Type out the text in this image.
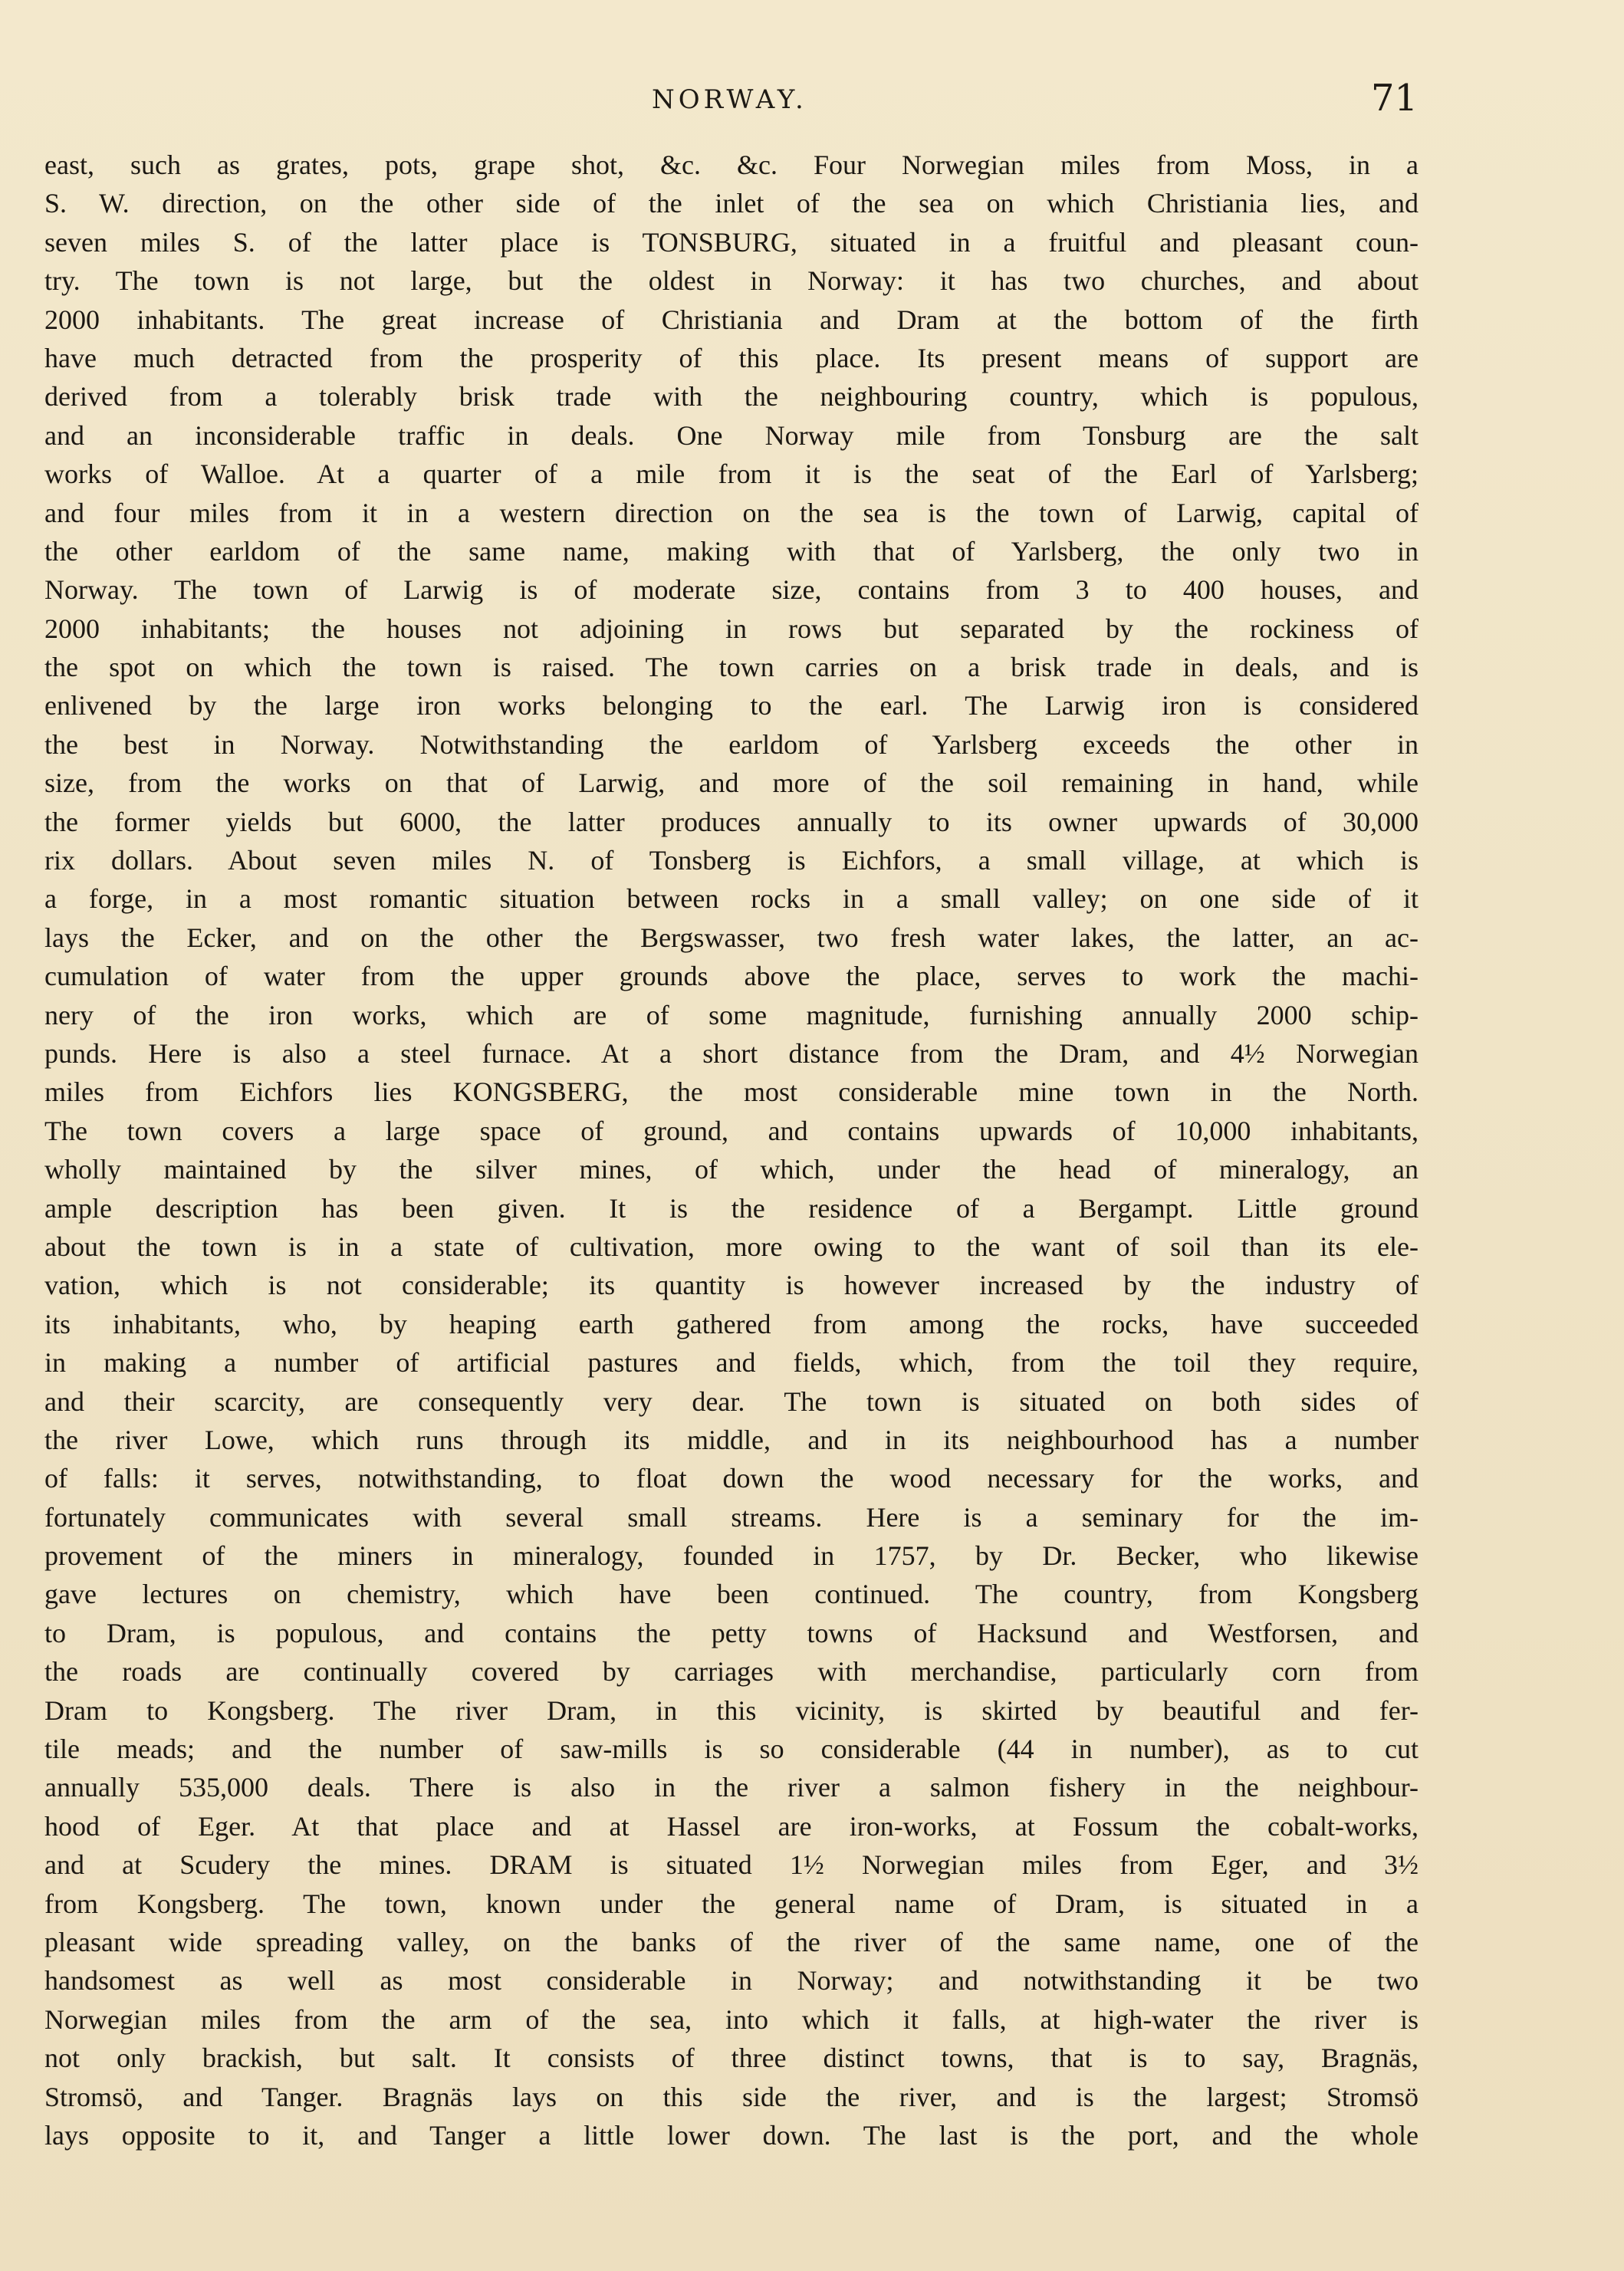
NORWAY.	71
east, such as grates, pots, grape shot, &c. &c. Four Norwegian miles from Moss, in a
S. W. direction, on the other side of the inlet of the sea on which Christiania lies, and
seven miles S. of the latter place is TONSBURG, situated in a fruitful and pleasant coun-
try. The town is not large, but the oldest in Norway: it has two churches, and about
2000 inhabitants. The great increase of Christiania and Dram at the bottom of the firth
have much detracted from the prosperity of this place. Its present means of support are
derived from a tolerably brisk trade with the neighbouring country, which is populous,
and an inconsiderable traffic in deals. One Norway mile from Tonsburg are the salt
works of Walloe. At a quarter of a mile from it is the seat of the Earl of Yarlsberg;
and four miles from it in a western direction on the sea is the town of Larwig, capital of
the other earldom of the same name, making with that of Yarlsberg, the only two in
Norway. The town of Larwig is of moderate size, contains from 3 to 400 houses, and
2000 inhabitants; the houses not adjoining in rows but separated by the rockiness of
the spot on which the town is raised. The town carries on a brisk trade in deals, and is
enlivened by the large iron works belonging to the earl. The Larwig iron is considered
the best in Norway. Notwithstanding the earldom of Yarlsberg exceeds the other in
size, from the works on that of Larwig, and more of the soil remaining in hand, while
the former yields but 6000, the latter produces annually to its owner upwards of 30,000
rix dollars. About seven miles N. of Tonsberg is Eichfors, a small village, at which is
a forge, in a most romantic situation between rocks in a small valley; on one side of it
lays the Ecker, and on the other the Bergswasser, two fresh water lakes, the latter, an ac-
cumulation of water from the upper grounds above the place, serves to work the machi-
nery of the iron works, which are of some magnitude, furnishing annually 2000 schip-
punds. Here is also a steel furnace. At a short distance from the Dram, and 4½ Norwegian
miles from Eichfors lies KONGSBERG, the most considerable mine town in the North.
The town covers a large space of ground, and contains upwards of 10,000 inhabitants,
wholly maintained by the silver mines, of which, under the head of mineralogy, an
ample description has been given. It is the residence of a Bergampt. Little ground
about the town is in a state of cultivation, more owing to the want of soil than its ele-
vation, which is not considerable; its quantity is however increased by the industry of
its inhabitants, who, by heaping earth gathered from among the rocks, have succeeded
in making a number of artificial pastures and fields, which, from the toil they require,
and their scarcity, are consequently very dear. The town is situated on both sides of
the river Lowe, which runs through its middle, and in its neighbourhood has a number
of falls: it serves, notwithstanding, to float down the wood necessary for the works, and
fortunately communicates with several small streams. Here is a seminary for the im-
provement of the miners in mineralogy, founded in 1757, by Dr. Becker, who likewise
gave lectures on chemistry, which have been continued. The country, from Kongsberg
to Dram, is populous, and contains the petty towns of Hacksund and Westforsen, and
the roads are continually covered by carriages with merchandise, particularly corn from
Dram to Kongsberg. The river Dram, in this vicinity, is skirted by beautiful and fer-
tile meads; and the number of saw-mills is so considerable (44 in number), as to cut
annually 535,000 deals. There is also in the river a salmon fishery in the neighbour-
hood of Eger. At that place and at Hassel are iron-works, at Fossum the cobalt-works,
and at Scudery the mines. DRAM is situated 1½ Norwegian miles from Eger, and 3½
from Kongsberg. The town, known under the general name of Dram, is situated in a
pleasant wide spreading valley, on the banks of the river of the same name, one of the
handsomest as well as most considerable in Norway; and notwithstanding it be two
Norwegian miles from the arm of the sea, into which it falls, at high-water the river is
not only brackish, but salt. It consists of three distinct towns, that is to say, Bragnäs,
Stromsö, and Tanger. Bragnäs lays on this side the river, and is the largest; Stromsö
lays opposite to it, and Tanger a little lower down. The last is the port, and the whole
